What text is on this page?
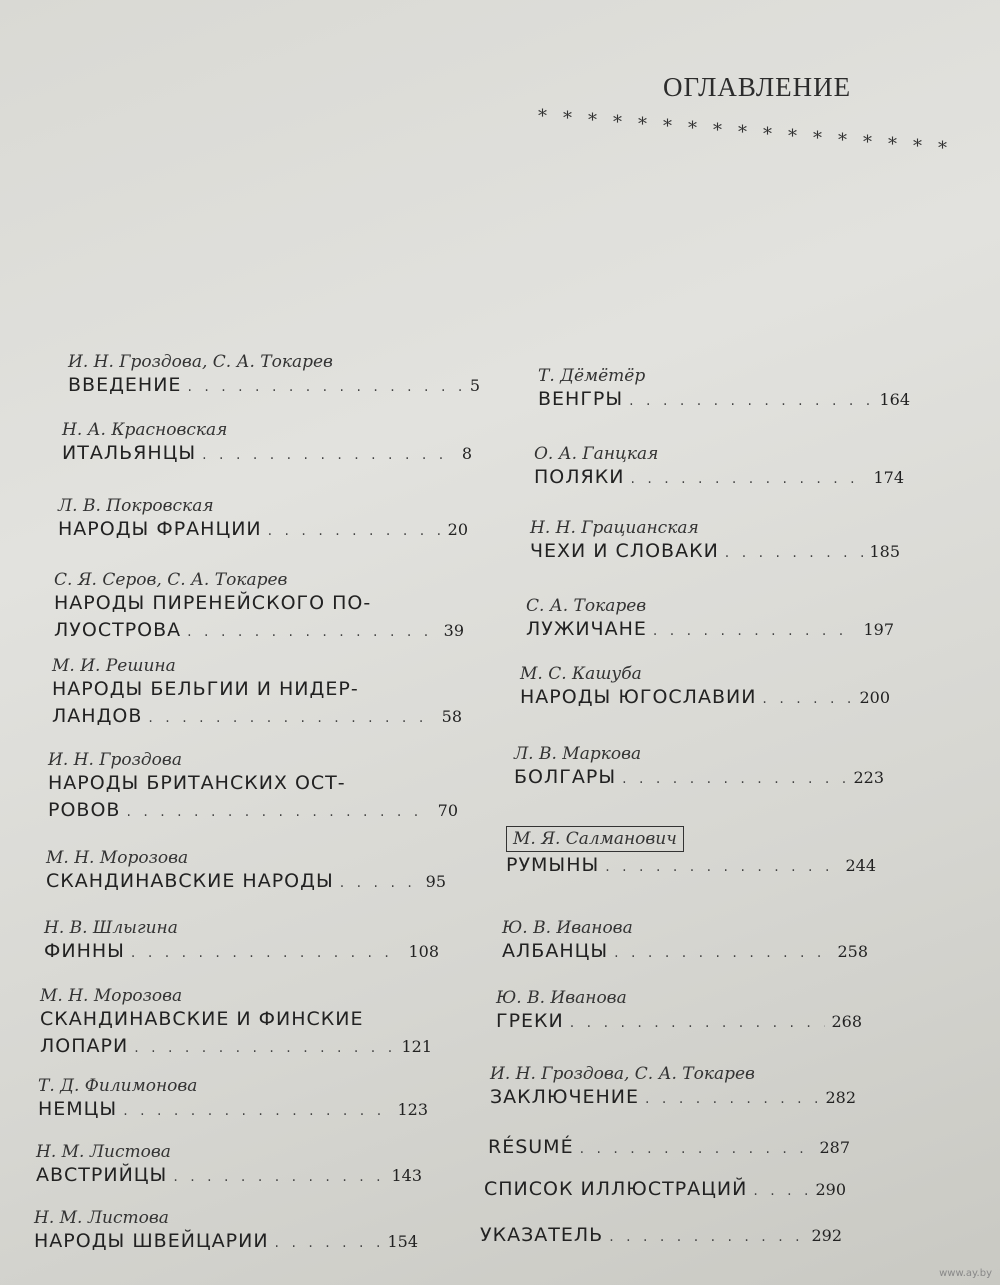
ОГЛАВЛЕНИЕ
* * * * * * * * * * * * * * * * *
И. Н. Гроздова, С. А. Токарев
ВВЕДЕНИЕ . . .	5
Н. А. Красновская
ИТАЛЬЯНЦЫ . . .	8
Л. В. Покровская
НАРОДЫ ФРАНЦИИ . . .	20
С. Я. Серов, С. А. Токарев
НАРОДЫ ПИРЕНЕЙСКОГО ПО-
ЛУОСТРОВА . . .	39
М. И. Решина
НАРОДЫ БЕЛЬГИИ И НИДЕР-
ЛАНДОВ . . .	58
И. Н. Гроздова
НАРОДЫ БРИТАНСКИХ ОСТ-
РОВОВ . . .	70
М. Н. Морозова
СКАНДИНАВСКИЕ НАРОДЫ . . .	95
Н. В. Шлыгина
ФИННЫ . . .	108
М. Н. Морозова
СКАНДИНАВСКИЕ И ФИНСКИЕ
ЛОПАРИ . . .	121
Т. Д. Филимонова
НЕМЦЫ . . .	123
Н. М. Листова
АВСТРИЙЦЫ . . .	143
Н. М. Листова
НАРОДЫ ШВЕЙЦАРИИ . . .	154
Т. Дёмётёр
ВЕНГРЫ . . .	164
О. А. Ганцкая
ПОЛЯКИ . . .	174
Н. Н. Грацианская
ЧЕХИ И СЛОВАКИ . . .	185
С. А. Токарев
ЛУЖИЧАНЕ . . .	197
М. С. Кашуба
НАРОДЫ ЮГОСЛАВИИ . . .	200
Л. В. Маркова
БОЛГАРЫ . . .	223
М. Я. Салманович
РУМЫНЫ . . .	244
Ю. В. Иванова
АЛБАНЦЫ . . .	258
Ю. В. Иванова
ГРЕКИ . . .	268
И. Н. Гроздова, С. А. Токарев
ЗАКЛЮЧЕНИЕ . . .	282
RÉSUMÉ . . .	287
СПИСОК ИЛЛЮСТРАЦИЙ . . .	290
УКАЗАТЕЛЬ . . .	292
www.ay.by
